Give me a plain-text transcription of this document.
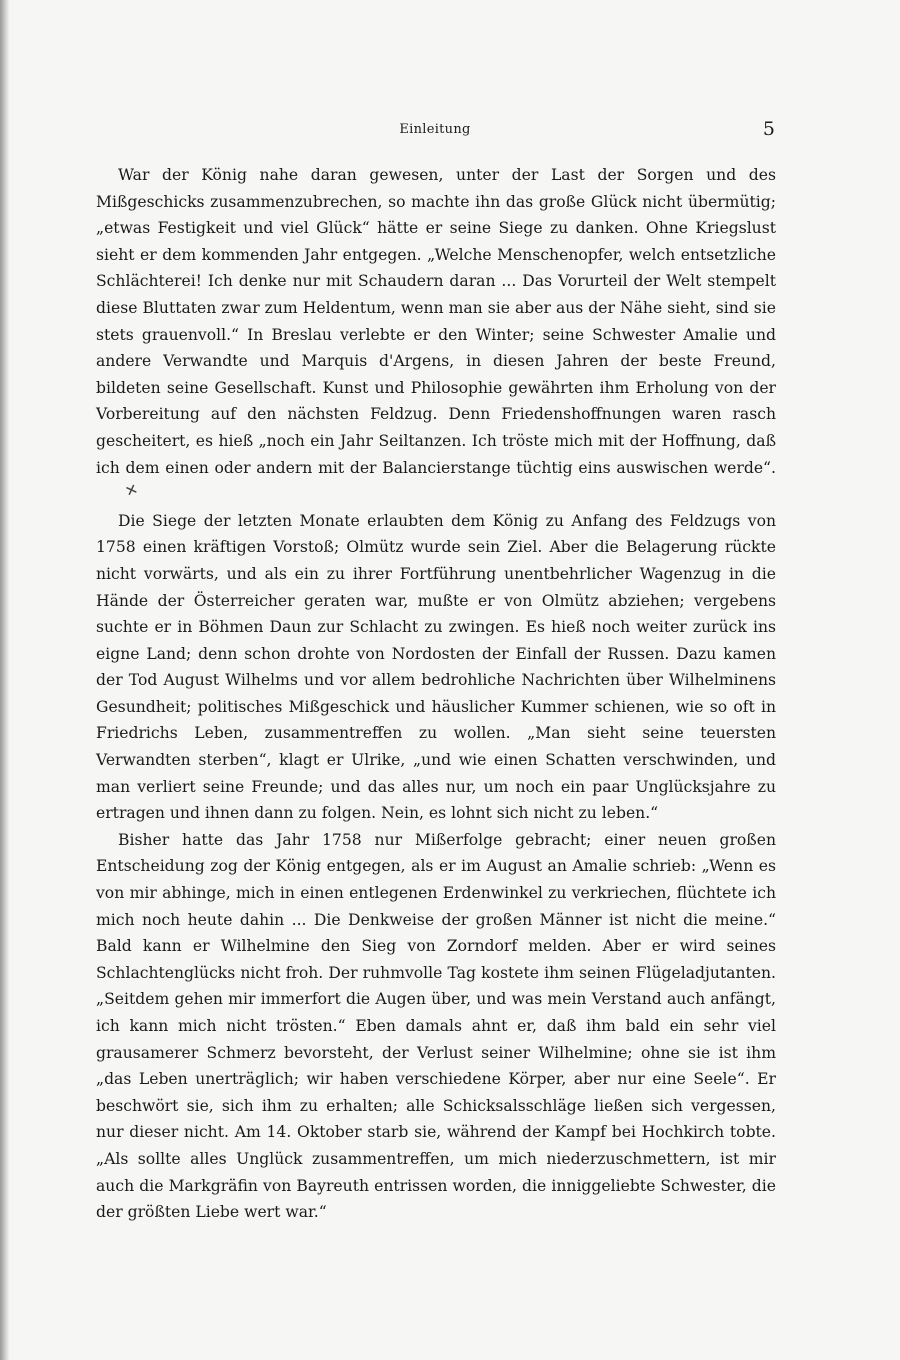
Einleitung	5

War der König nahe daran gewesen, unter der Last der Sorgen und des Mißgeschicks zusammenzubrechen, so machte ihn das große Glück nicht übermütig; „etwas Festigkeit und viel Glück“ hätte er seine Siege zu danken. Ohne Kriegslust sieht er dem kommenden Jahr entgegen. „Welche Menschenopfer, welch entsetzliche Schlächterei! Ich denke nur mit Schaudern daran ... Das Vorurteil der Welt stempelt diese Bluttaten zwar zum Heldentum, wenn man sie aber aus der Nähe sieht, sind sie stets grauenvoll.“ In Breslau verlebte er den Winter; seine Schwester Amalie und andere Verwandte und Marquis d'Argens, in diesen Jahren der beste Freund, bildeten seine Gesellschaft. Kunst und Philosophie gewährten ihm Erholung von der Vorbereitung auf den nächsten Feldzug. Denn Friedenshoffnungen waren rasch gescheitert, es hieß „noch ein Jahr Seiltanzen. Ich tröste mich mit der Hoffnung, daß ich dem einen oder andern mit der Balancierstange tüchtig eins auswischen werde“.✕

Die Siege der letzten Monate erlaubten dem König zu Anfang des Feldzugs von 1758 einen kräftigen Vorstoß; Olmütz wurde sein Ziel. Aber die Belagerung rückte nicht vorwärts, und als ein zu ihrer Fortführung unentbehrlicher Wagenzug in die Hände der Österreicher geraten war, mußte er von Olmütz abziehen; vergebens suchte er in Böhmen Daun zur Schlacht zu zwingen. Es hieß noch weiter zurück ins eigne Land; denn schon drohte von Nordosten der Einfall der Russen. Dazu kamen der Tod August Wilhelms und vor allem bedrohliche Nachrichten über Wilhelminens Gesundheit; politisches Mißgeschick und häuslicher Kummer schienen, wie so oft in Friedrichs Leben, zusammentreffen zu wollen. „Man sieht seine teuersten Verwandten sterben“, klagt er Ulrike, „und wie einen Schatten verschwinden, und man verliert seine Freunde; und das alles nur, um noch ein paar Unglücksjahre zu ertragen und ihnen dann zu folgen. Nein, es lohnt sich nicht zu leben.“

Bisher hatte das Jahr 1758 nur Mißerfolge gebracht; einer neuen großen Entscheidung zog der König entgegen, als er im August an Amalie schrieb: „Wenn es von mir abhinge, mich in einen entlegenen Erdenwinkel zu verkriechen, flüchtete ich mich noch heute dahin ... Die Denkweise der großen Männer ist nicht die meine.“ Bald kann er Wilhelmine den Sieg von Zorndorf melden. Aber er wird seines Schlachtenglücks nicht froh. Der ruhmvolle Tag kostete ihm seinen Flügeladjutanten. „Seitdem gehen mir immerfort die Augen über, und was mein Verstand auch anfängt, ich kann mich nicht trösten.“ Eben damals ahnt er, daß ihm bald ein sehr viel grausamerer Schmerz bevorsteht, der Verlust seiner Wilhelmine; ohne sie ist ihm „das Leben unerträglich; wir haben verschiedene Körper, aber nur eine Seele“. Er beschwört sie, sich ihm zu erhalten; alle Schicksalsschläge ließen sich vergessen, nur dieser nicht. Am 14. Oktober starb sie, während der Kampf bei Hochkirch tobte. „Als sollte alles Unglück zusammentreffen, um mich niederzuschmettern, ist mir auch die Markgräfin von Bayreuth entrissen worden, die inniggeliebte Schwester, die der größten Liebe wert war.“
